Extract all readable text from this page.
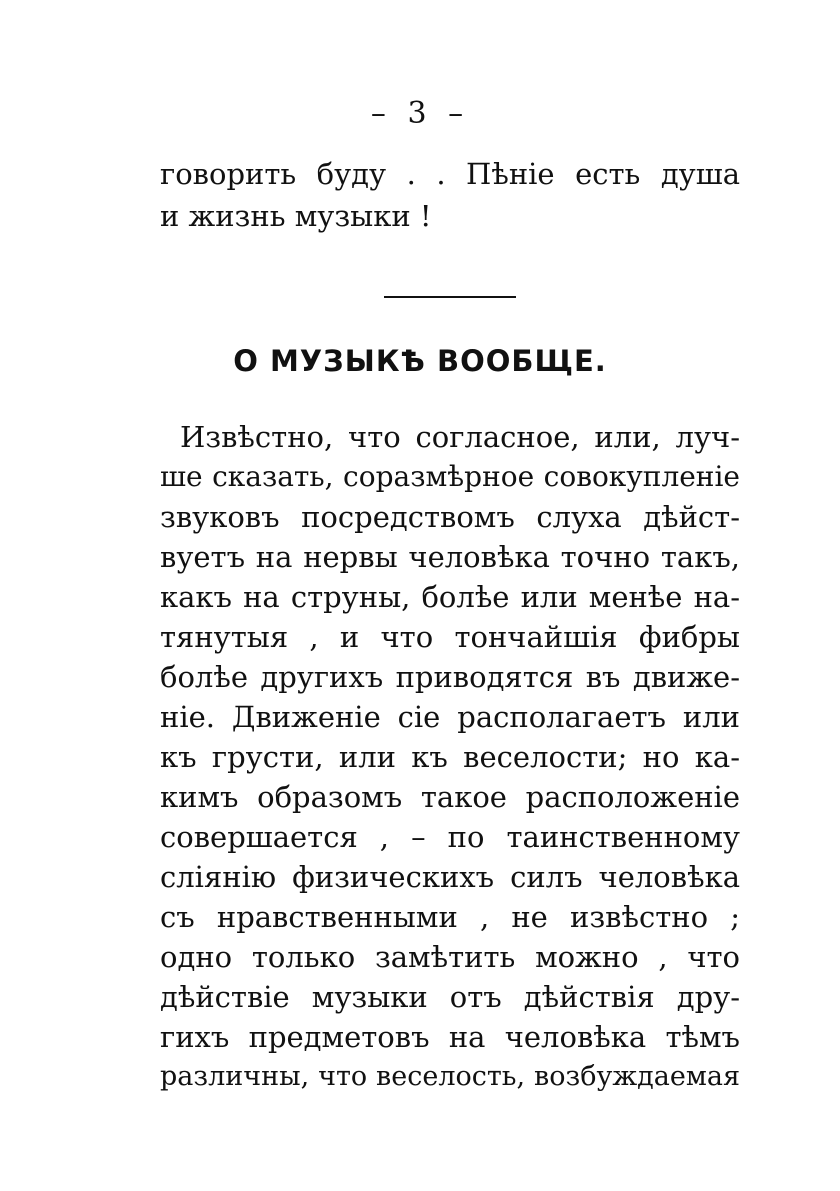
– 3 –
говорить буду . . Пѣніе есть душа
и жизнь музыки !
О МУЗЫКѢ ВООБЩЕ.
Извѣстно, что согласное, или, луч-
ше сказать, соразмѣрное совокупленіе
звуковъ посредствомъ слуха дѣйст-
вуетъ на нервы человѣка точно такъ,
какъ на струны, болѣе или менѣе на-
тянутыя , и что тончайшія фибры
болѣе другихъ приводятся въ движе-
ніе. Движеніе сіе располагаетъ или
къ грусти, или къ веселости; но ка-
кимъ образомъ такое расположеніе
совершается , – по таинственному
сліянію физическихъ силъ человѣка
съ нравственными , не извѣстно ;
одно только замѣтить можно , что
дѣйствіе музыки отъ дѣйствія дру-
гихъ предметовъ на человѣка тѣмъ
различны, что веселость, возбуждаемая
